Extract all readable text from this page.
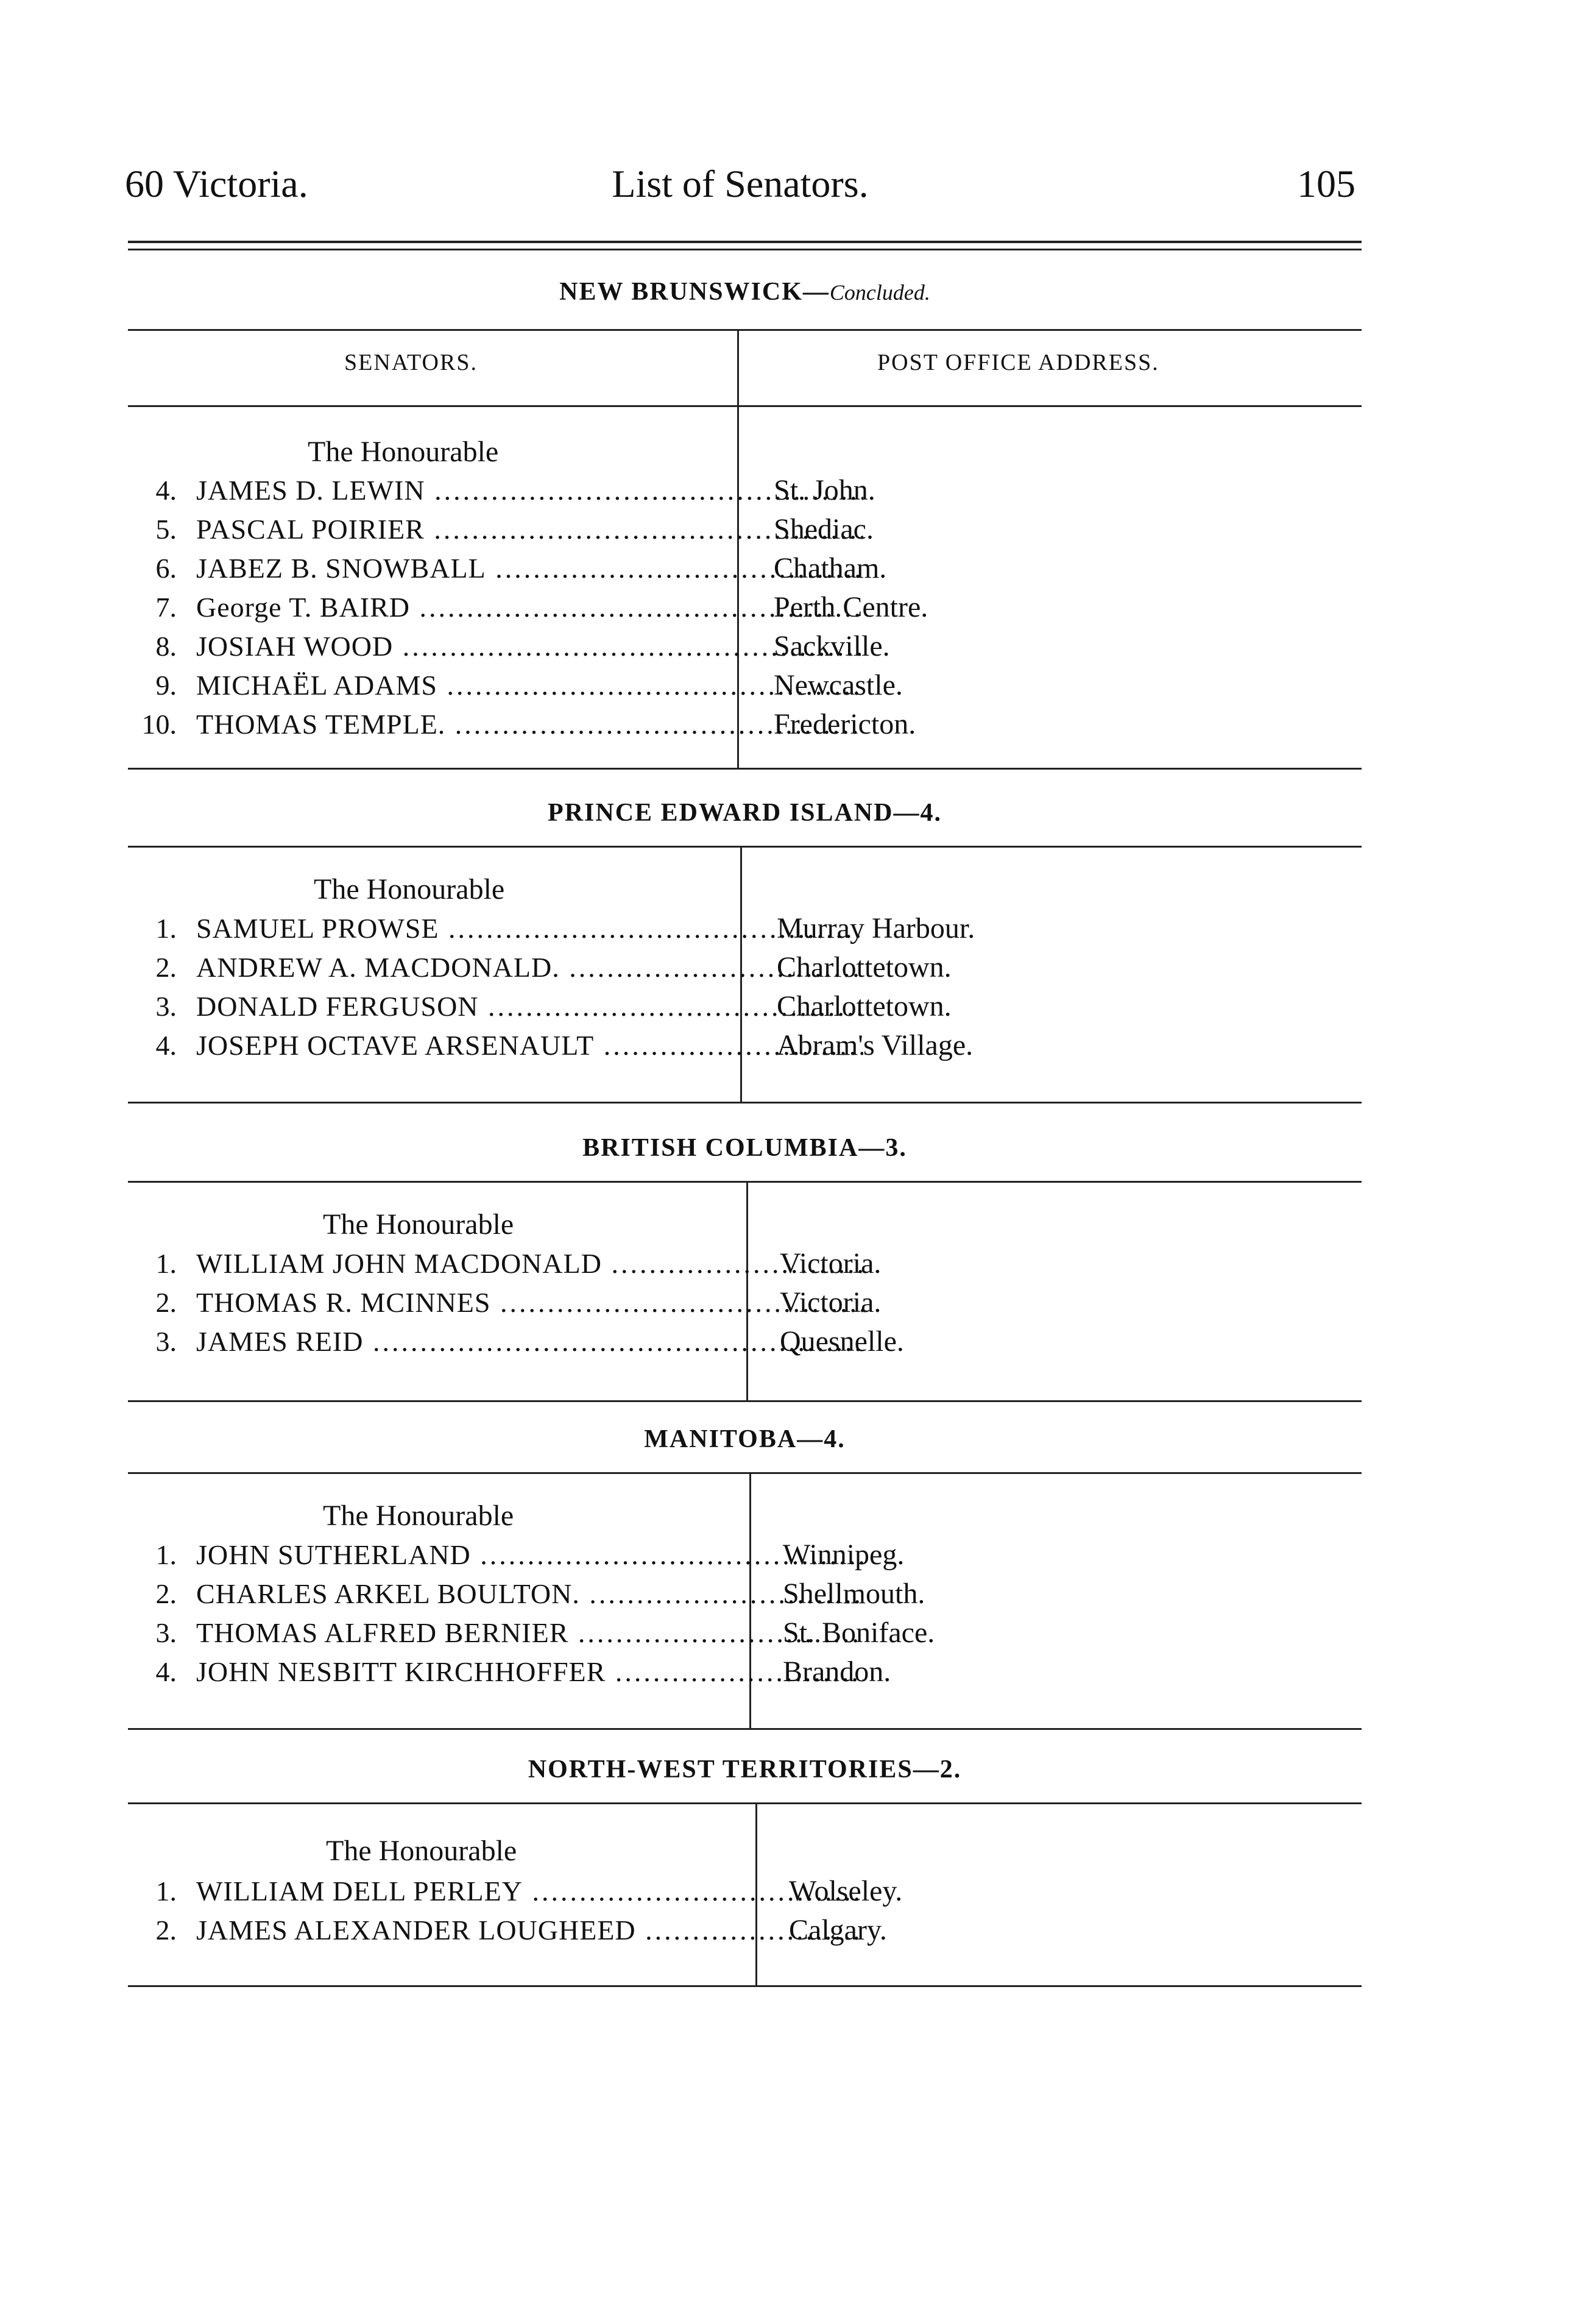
60 Victoria.	List of Senators.	105
NEW BRUNSWICK—Concluded.
SENATORS.	POST OFFICE ADDRESS.
The Honourable
4. JAMES D. LEWIN .....	St. John.
5. PASCAL POIRIER .....	Shediac.
6. JABEZ B. SNOWBALL .....	Chatham.
7. George T. BAIRD .....	Perth Centre.
8. JOSIAH WOOD .....	Sackville.
9. MICHAËL ADAMS .....	Newcastle.
10. THOMAS TEMPLE. .....	Fredericton.
PRINCE EDWARD ISLAND—4.
The Honourable
1. SAMUEL PROWSE .....	Murray Harbour.
2. ANDREW A. MACDONALD. .....	Charlottetown.
3. DONALD FERGUSON .....	Charlottetown.
4. JOSEPH OCTAVE ARSENAULT .....	Abram's Village.
BRITISH COLUMBIA—3.
The Honourable
1. WILLIAM JOHN MACDONALD .....	Victoria.
2. THOMAS R. MCINNES .....	Victoria.
3. JAMES REID .....	Quesnelle.
MANITOBA—4.
The Honourable
1. JOHN SUTHERLAND .....	Winnipeg.
2. CHARLES ARKEL BOULTON. .....	Shellmouth.
3. THOMAS ALFRED BERNIER .....	St. Boniface.
4. JOHN NESBITT KIRCHHOFFER .....	Brandon.
NORTH-WEST TERRITORIES—2.
The Honourable
1. WILLIAM DELL PERLEY .....	Wolseley.
2. JAMES ALEXANDER LOUGHEED .....	Calgary.
